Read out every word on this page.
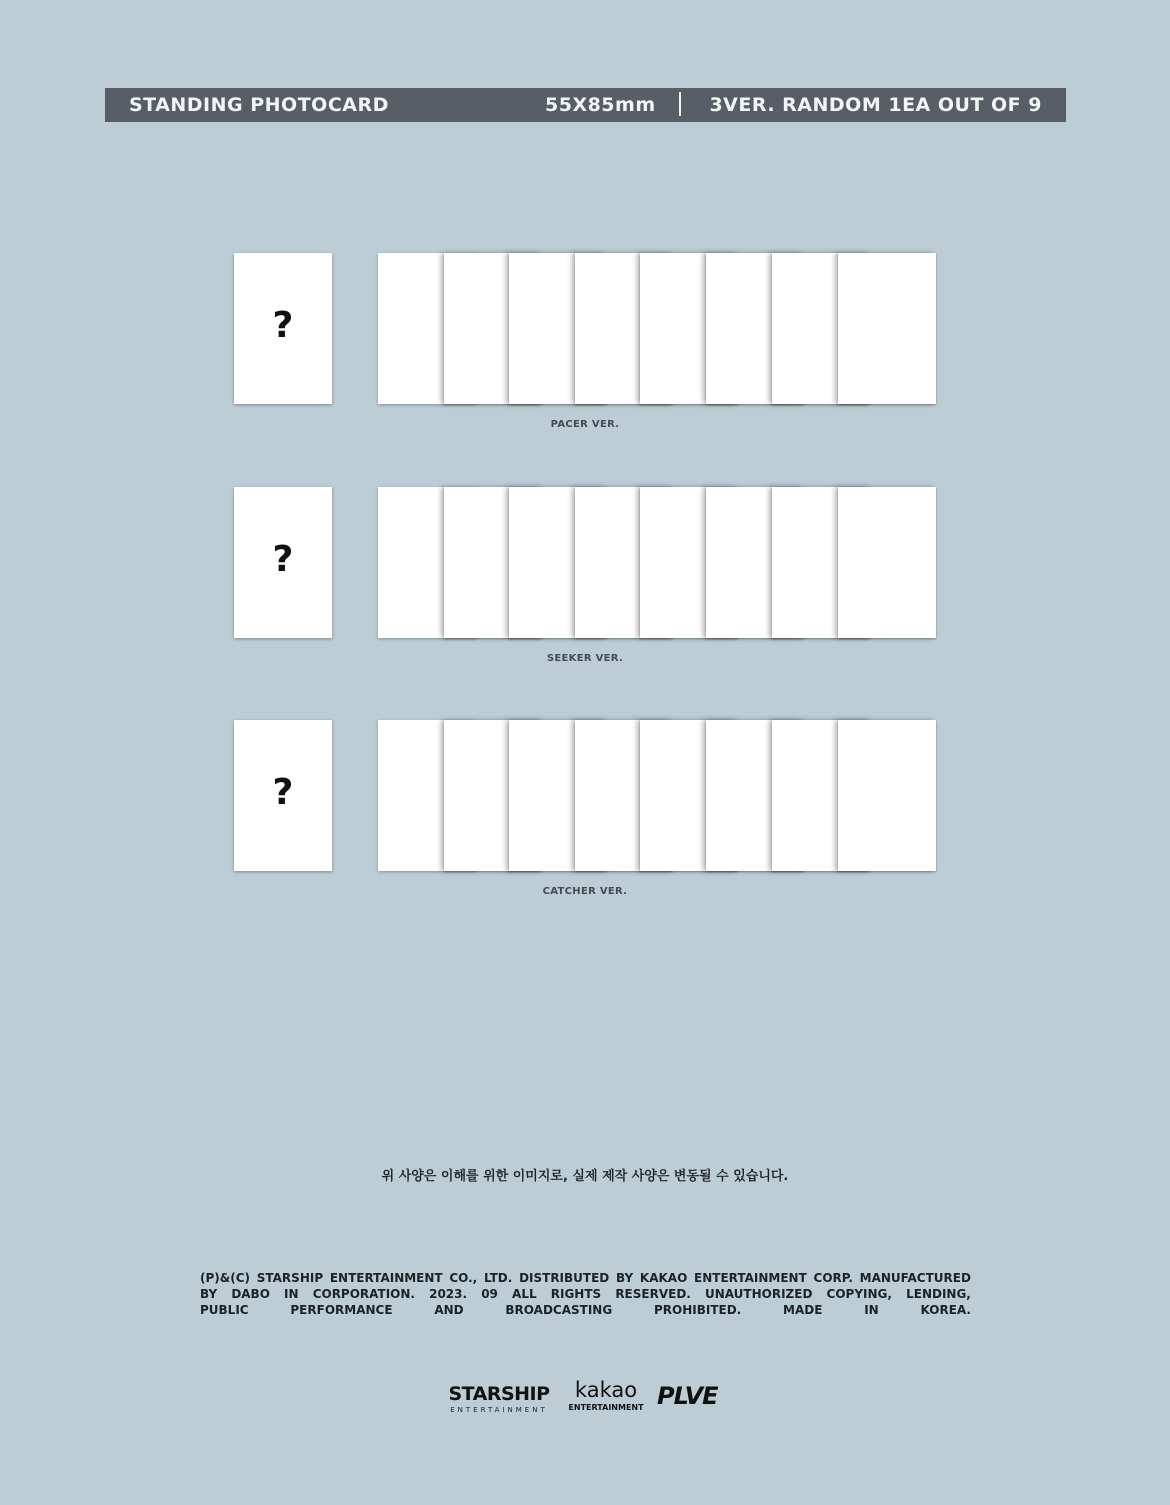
STANDING PHOTOCARD	55X85mm	3VER. RANDOM 1EA OUT OF 9
?
PACER VER.
?
SEEKER VER.
?
CATCHER VER.
위 사양은 이해를 위한 이미지로, 실제 제작 사양은 변동될 수 있습니다.
(P)&(C) STARSHIP ENTERTAINMENT CO., LTD. DISTRIBUTED BY KAKAO ENTERTAINMENT CORP. MANUFACTURED
BY DABO IN CORPORATION. 2023. 09 ALL RIGHTS RESERVED. UNAUTHORIZED COPYING, LENDING,
PUBLIC	PERFORMANCE	AND	BROADCASTING	PROHIBITED.	MADE	IN	KOREA.
STARSHIP
ENTERTAINMENT
kakao
ENTERTAINMENT PLVE
